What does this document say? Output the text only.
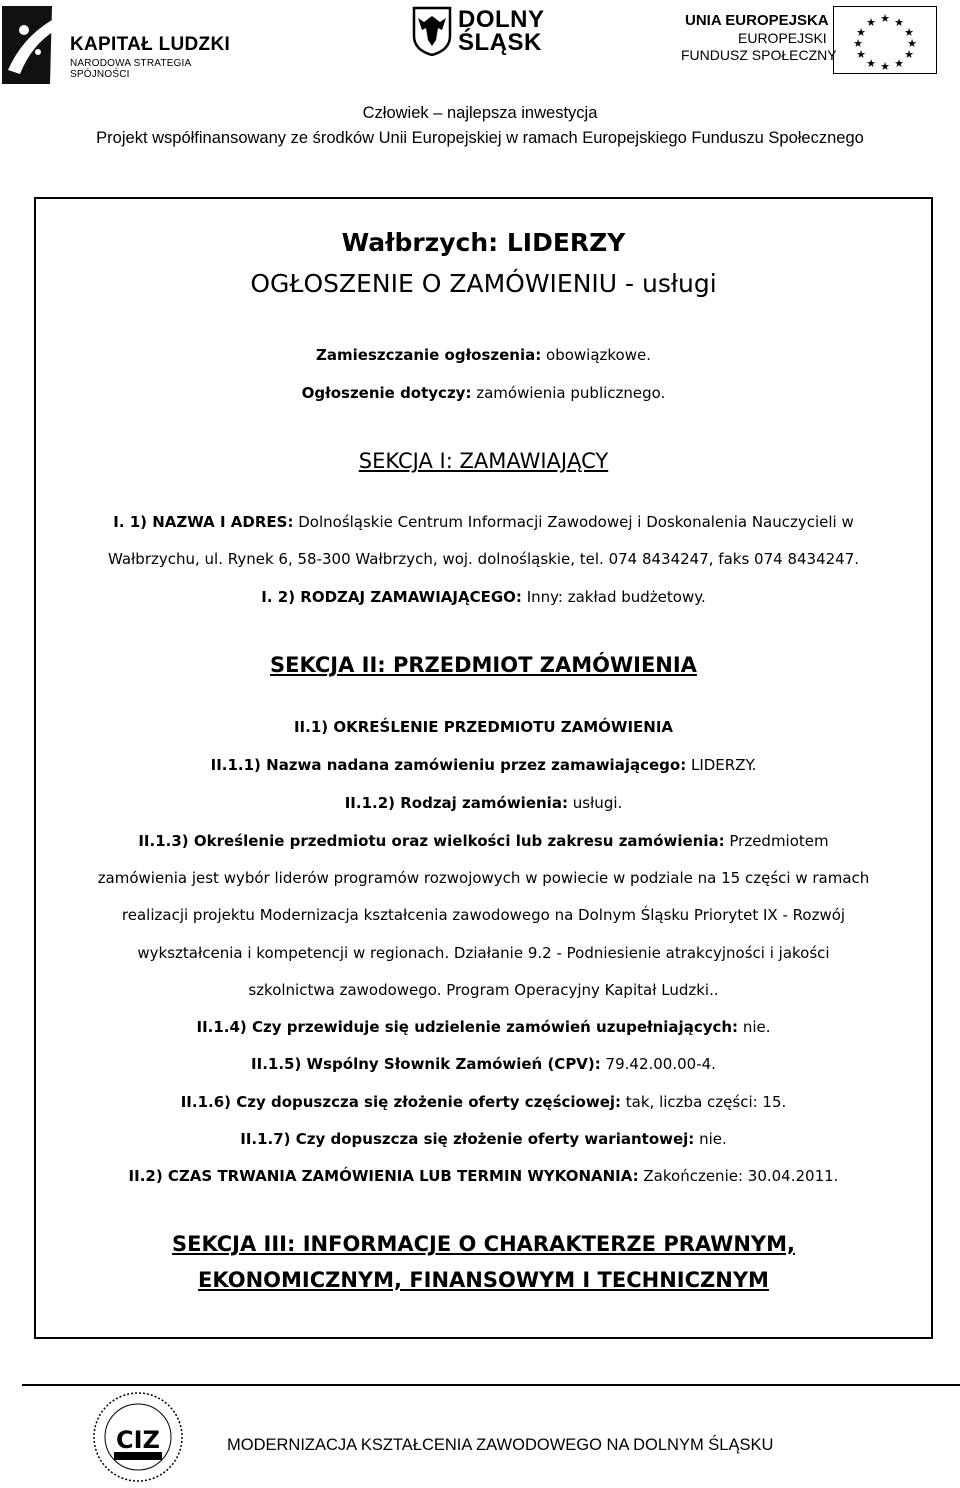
KAPITAŁ LUDZKI
NARODOWA STRATEGIA SPÓJNOŚCI
DOLNY
ŚLĄSK
UNIA EUROPEJSKA
EUROPEJSKI
FUNDUSZ SPOŁECZNY
★ ★
★
★
★
★
★
★
★
★
★
★
Człowiek – najlepsza inwestycja
Projekt współfinansowany ze środków Unii Europejskiej w ramach Europejskiego Funduszu Społecznego
Wałbrzych: LIDERZY
OGŁOSZENIE O ZAMÓWIENIU - usługi
Zamieszczanie ogłoszenia: obowiązkowe.
Ogłoszenie dotyczy: zamówienia publicznego.
SEKCJA I: ZAMAWIAJĄCY
I. 1) NAZWA I ADRES: Dolnośląskie Centrum Informacji Zawodowej i Doskonalenia Nauczycieli w
Wałbrzychu, ul. Rynek 6, 58-300 Wałbrzych, woj. dolnośląskie, tel. 074 8434247, faks 074 8434247.
I. 2) RODZAJ ZAMAWIAJĄCEGO: Inny: zakład budżetowy.
SEKCJA II: PRZEDMIOT ZAMÓWIENIA
II.1) OKREŚLENIE PRZEDMIOTU ZAMÓWIENIA
II.1.1) Nazwa nadana zamówieniu przez zamawiającego: LIDERZY.
II.1.2) Rodzaj zamówienia: usługi.
II.1.3) Określenie przedmiotu oraz wielkości lub zakresu zamówienia: Przedmiotem
zamówienia jest wybór liderów programów rozwojowych w powiecie w podziale na 15 części w ramach
realizacji projektu Modernizacja kształcenia zawodowego na Dolnym Śląsku Priorytet IX - Rozwój
wykształcenia i kompetencji w regionach. Działanie 9.2 - Podniesienie atrakcyjności i jakości
szkolnictwa zawodowego. Program Operacyjny Kapitał Ludzki..
II.1.4) Czy przewiduje się udzielenie zamówień uzupełniających: nie.
II.1.5) Wspólny Słownik Zamówień (CPV): 79.42.00.00-4.
II.1.6) Czy dopuszcza się złożenie oferty częściowej: tak, liczba części: 15.
II.1.7) Czy dopuszcza się złożenie oferty wariantowej: nie.
II.2) CZAS TRWANIA ZAMÓWIENIA LUB TERMIN WYKONANIA: Zakończenie: 30.04.2011.
SEKCJA III: INFORMACJE O CHARAKTERZE PRAWNYM,
EKONOMICZNYM, FINANSOWYM I TECHNICZNYM
CIZ	MODERNIZACJA KSZTAŁCENIA ZAWODOWEGO NA DOLNYM ŚLĄSKU
